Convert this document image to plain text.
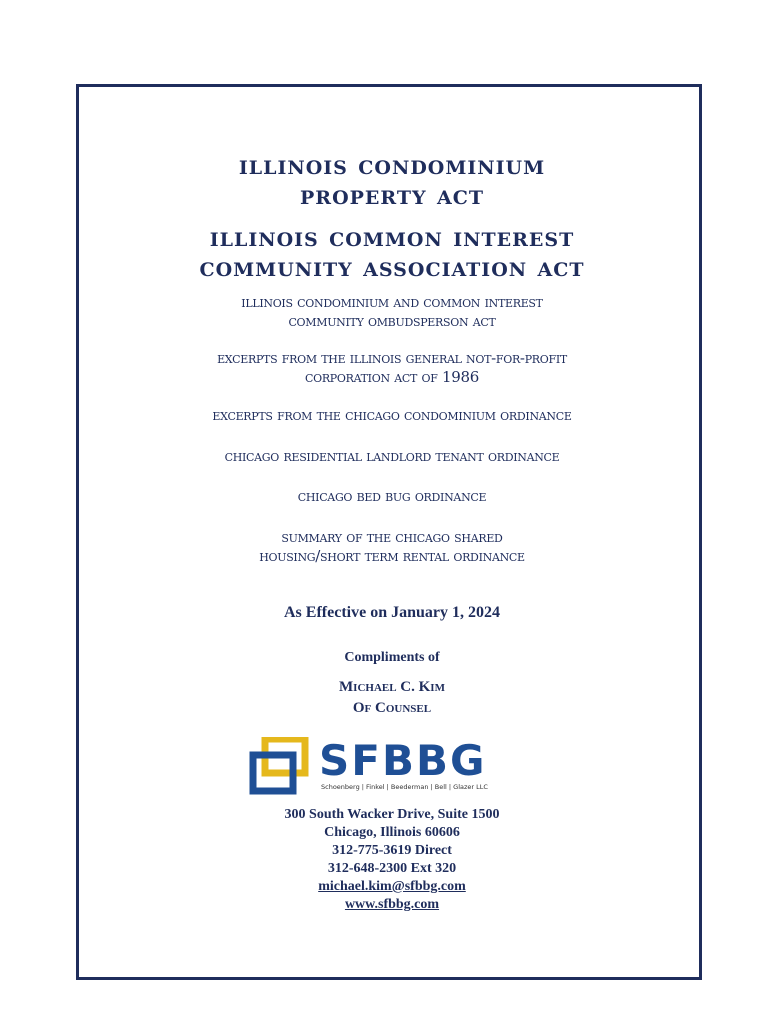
illinois condominium
property act
illinois common interest
community association act

illinois condominium and common interest
community ombudsperson act

excerpts from the illinois general not-for-profit
corporation act of 1986

excerpts from the chicago condominium ordinance

chicago residential landlord tenant ordinance

chicago bed bug ordinance

summary of the chicago shared
housing/short term rental ordinance

As Effective on January 1, 2024
Compliments of
Michael C. Kim
Of Counsel
SFBBG
Schoenberg | Finkel | Beederman | Bell | Glazer LLC
300 South Wacker Drive, Suite 1500
Chicago, Illinois 60606
312-775-3619 Direct
312-648-2300 Ext 320
michael.kim@sfbbg.com
www.sfbbg.com
